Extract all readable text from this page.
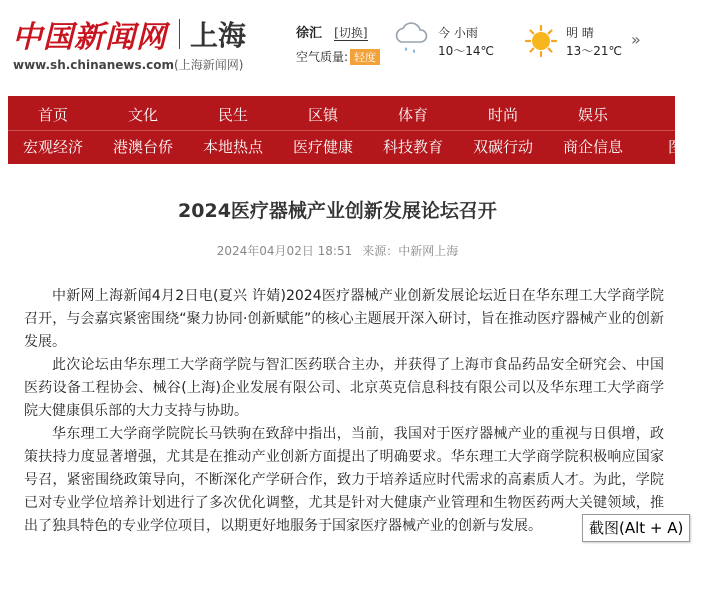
中国新闻网 上海
www.sh.chinanews.com(上海新闻网)
徐汇 [切换]
空气质量: 轻度
今 小雨
10～14℃
明 晴
13～21℃
»
首页	文化	民生	区镇	体育	时尚	娱乐	创
宏观经济	港澳台侨	本地热点	医疗健康	科技教育	双碳行动	商企信息	图片
2024医疗器械产业创新发展论坛召开
2024年04月02日 18:51 来源：中新网上海

中新网上海新闻4月2日电(夏兴 许婧)2024医疗器械产业创新发展论坛近日在华东理工大学商学院召开，与会嘉宾紧密围绕“聚力协同·创新赋能”的核心主题展开深入研讨，旨在推动医疗器械产业的创新发展。

此次论坛由华东理工大学商学院与智汇医药联合主办，并获得了上海市食品药品安全研究会、中国医药设备工程协会、械谷(上海)企业发展有限公司、北京英克信息科技有限公司以及华东理工大学商学院大健康俱乐部的大力支持与协助。

华东理工大学商学院院长马铁驹在致辞中指出，当前，我国对于医疗器械产业的重视与日俱增，政策扶持力度显著增强，尤其是在推动产业创新方面提出了明确要求。华东理工大学商学院积极响应国家号召，紧密围绕政策导向，不断深化产学研合作，致力于培养适应时代需求的高素质人才。为此，学院已对专业学位培养计划进行了多次优化调整，尤其是针对大健康产业管理和生物医药两大关键领域，推出了独具特色的专业学位项目，以期更好地服务于国家医疗器械产业的创新与发展。	截图(Alt + A)
